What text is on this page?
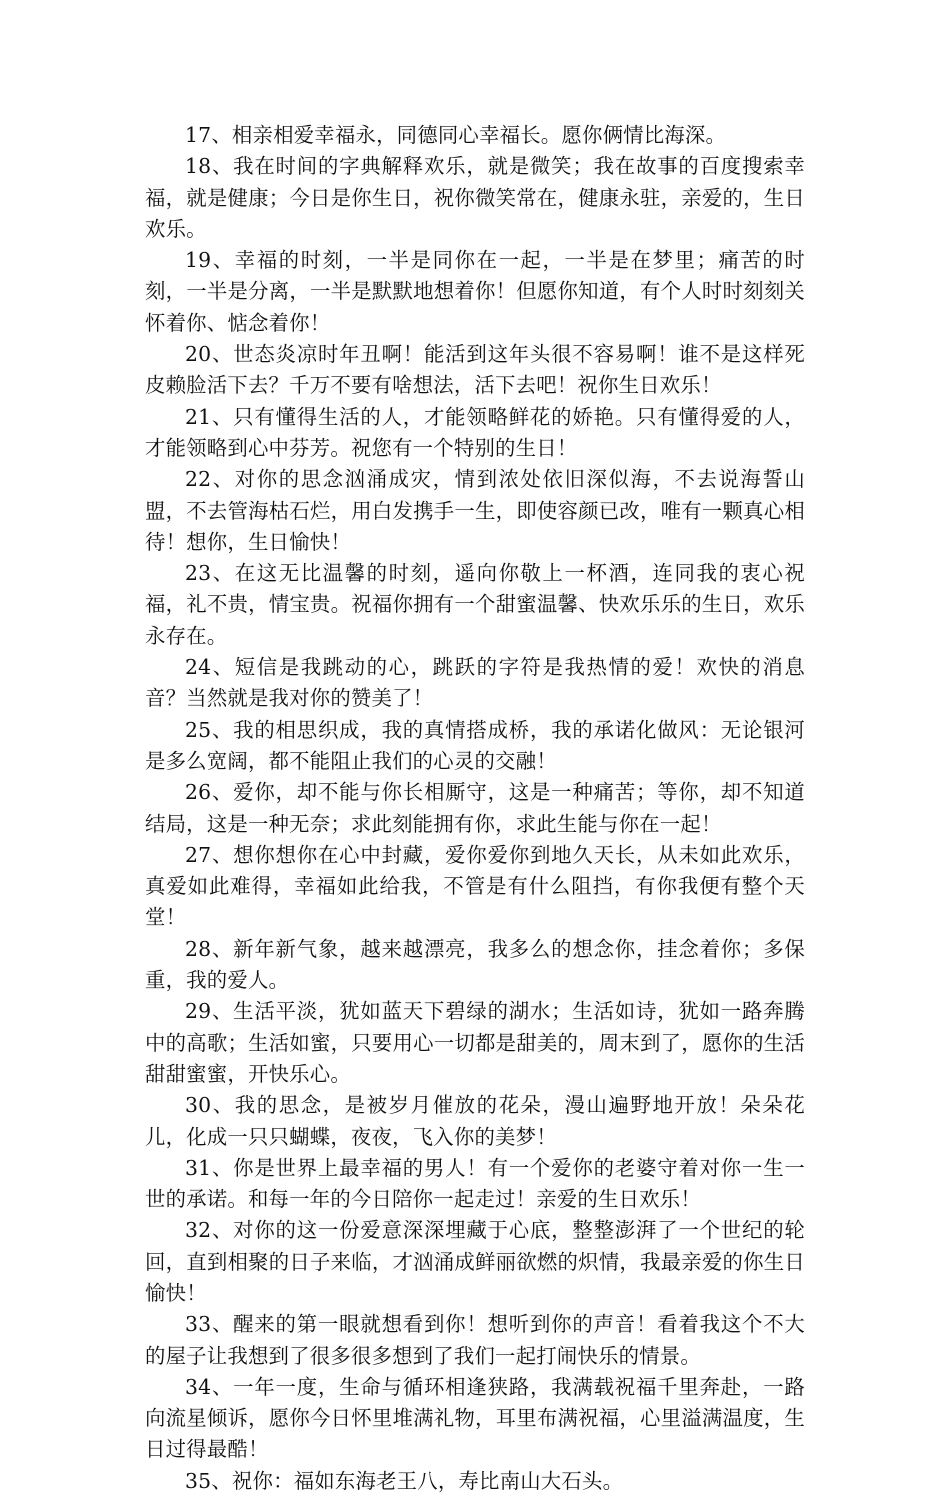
17、相亲相爱幸福永，同德同心幸福长。愿你俩情比海深。

18、我在时间的字典解释欢乐，就是微笑；我在故事的百度搜索幸福，就是健康；今日是你生日，祝你微笑常在，健康永驻，亲爱的，生日欢乐。

19、幸福的时刻，一半是同你在一起，一半是在梦里；痛苦的时刻，一半是分离，一半是默默地想着你！但愿你知道，有个人时时刻刻关怀着你、惦念着你！

20、世态炎凉时年丑啊！能活到这年头很不容易啊！谁不是这样死皮赖脸活下去？千万不要有啥想法，活下去吧！祝你生日欢乐！

21、只有懂得生活的人，才能领略鲜花的娇艳。只有懂得爱的人，才能领略到心中芬芳。祝您有一个特别的生日！

22、对你的思念汹涌成灾，情到浓处依旧深似海，不去说海誓山盟，不去管海枯石烂，用白发携手一生，即使容颜已改，唯有一颗真心相待！想你，生日愉快！

23、在这无比温馨的时刻，遥向你敬上一杯酒，连同我的衷心祝福，礼不贵，情宝贵。祝福你拥有一个甜蜜温馨、快欢乐乐的生日，欢乐永存在。

24、短信是我跳动的心，跳跃的字符是我热情的爱！欢快的消息音？当然就是我对你的赞美了！

25、我的相思织成，我的真情搭成桥，我的承诺化做风：无论银河是多么宽阔，都不能阻止我们的心灵的交融！

26、爱你，却不能与你长相厮守，这是一种痛苦；等你，却不知道结局，这是一种无奈；求此刻能拥有你，求此生能与你在一起！

27、想你想你在心中封藏，爱你爱你到地久天长，从未如此欢乐，真爱如此难得，幸福如此给我，不管是有什么阻挡，有你我便有整个天堂！

28、新年新气象，越来越漂亮，我多么的想念你，挂念着你；多保重，我的爱人。

29、生活平淡，犹如蓝天下碧绿的湖水；生活如诗，犹如一路奔腾中的高歌；生活如蜜，只要用心一切都是甜美的，周末到了，愿你的生活甜甜蜜蜜，开快乐心。

30、我的思念，是被岁月催放的花朵，漫山遍野地开放！朵朵花儿，化成一只只蝴蝶，夜夜，飞入你的美梦！

31、你是世界上最幸福的男人！有一个爱你的老婆守着对你一生一世的承诺。和每一年的今日陪你一起走过！亲爱的生日欢乐！

32、对你的这一份爱意深深埋藏于心底，整整澎湃了一个世纪的轮回，直到相聚的日子来临，才汹涌成鲜丽欲燃的炽情，我最亲爱的你生日愉快！

33、醒来的第一眼就想看到你！想听到你的声音！看着我这个不大的屋子让我想到了很多很多想到了我们一起打闹快乐的情景。

34、一年一度，生命与循环相逢狭路，我满载祝福千里奔赴，一路向流星倾诉，愿你今日怀里堆满礼物，耳里布满祝福，心里溢满温度，生日过得最酷！

35、祝你：福如东海老王八，寿比南山大石头。
